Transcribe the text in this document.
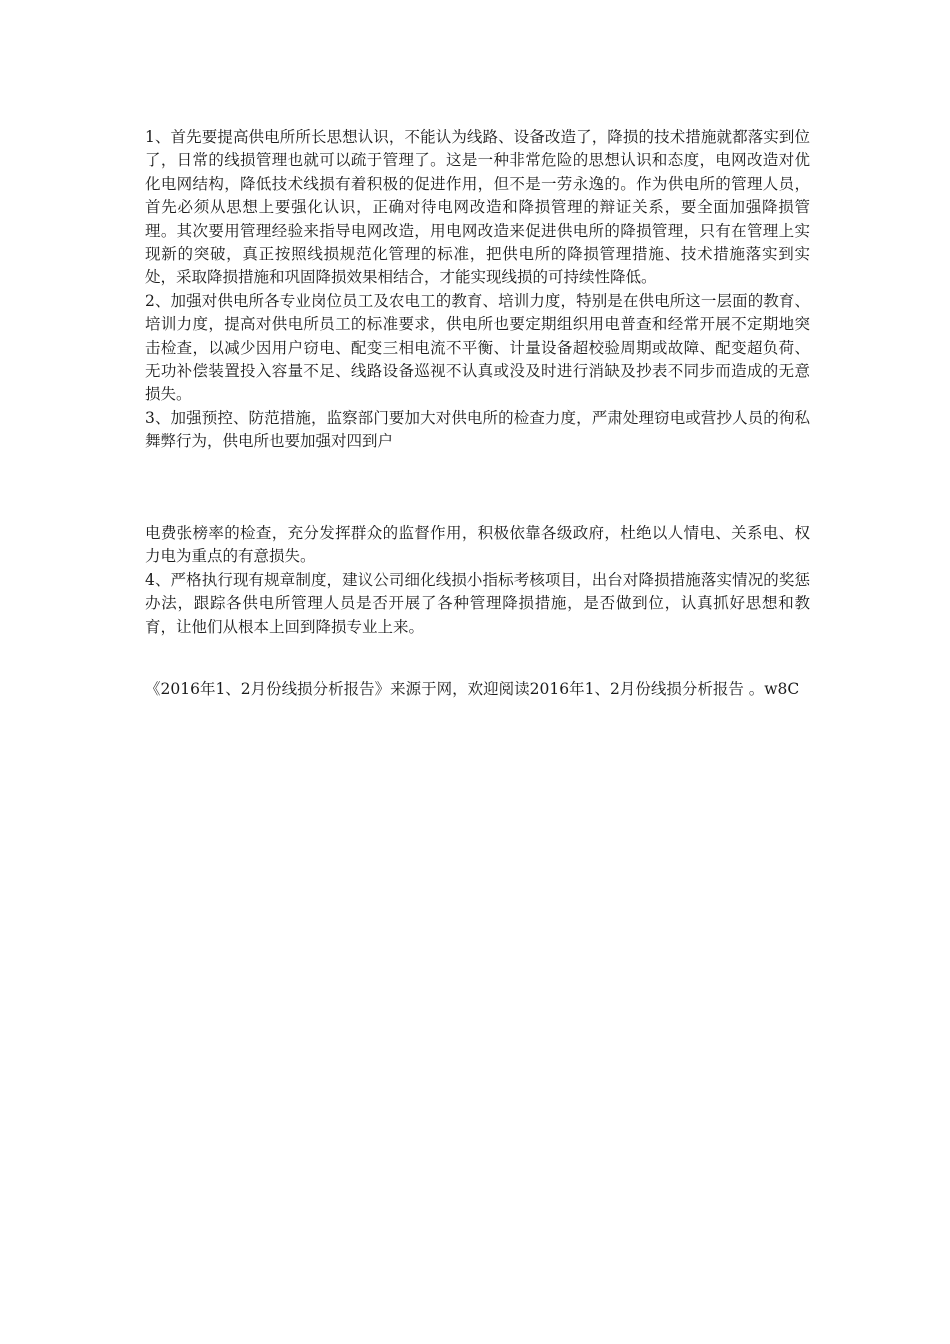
1、首先要提高供电所所长思想认识，不能认为线路、设备改造了，降损的技术措施就都落实到位了，日常的线损管理也就可以疏于管理了。这是一种非常危险的思想认识和态度，电网改造对优化电网结构，降低技术线损有着积极的促进作用，但不是一劳永逸的。作为供电所的管理人员，首先必须从思想上要强化认识，正确对待电网改造和降损管理的辩证关系，要全面加强降损管理。其次要用管理经验来指导电网改造，用电网改造来促进供电所的降损管理，只有在管理上实现新的突破，真正按照线损规范化管理的标准，把供电所的降损管理措施、技术措施落实到实处，采取降损措施和巩固降损效果相结合，才能实现线损的可持续性降低。

2、加强对供电所各专业岗位员工及农电工的教育、培训力度，特别是在供电所这一层面的教育、培训力度，提高对供电所员工的标准要求，供电所也要定期组织用电普查和经常开展不定期地突击检查，以减少因用户窃电、配变三相电流不平衡、计量设备超校验周期或故障、配变超负荷、无功补偿装置投入容量不足、线路设备巡视不认真或没及时进行消缺及抄表不同步而造成的无意损失。

3、加强预控、防范措施，监察部门要加大对供电所的检查力度，严肃处理窃电或营抄人员的徇私舞弊行为，供电所也要加强对四到户

电费张榜率的检查，充分发挥群众的监督作用，积极依靠各级政府，杜绝以人情电、关系电、权力电为重点的有意损失。

4、严格执行现有规章制度，建议公司细化线损小指标考核项目，出台对降损措施落实情况的奖惩办法，跟踪各供电所管理人员是否开展了各种管理降损措施，是否做到位，认真抓好思想和教育，让他们从根本上回到降损专业上来。

《2016年1、2月份线损分析报告》来源于网，欢迎阅读2016年1、2月份线损分析报告 。w8C
